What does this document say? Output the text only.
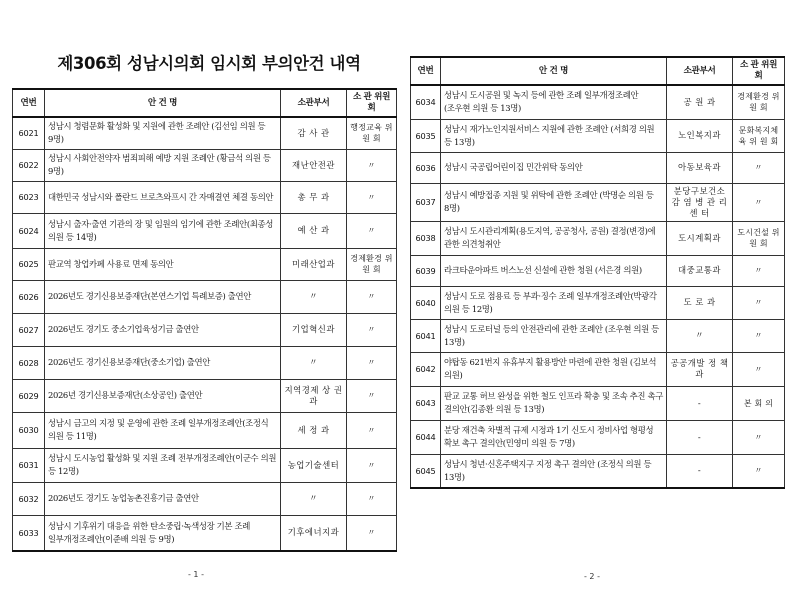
제306회 성남시의회 임시회 부의안건 내역
연번	안 건 명	소관부서	소 관 위원회
6021	성남시 청렴문화 활성화 및 지원에 관한 조례안 (김선임 의원 등 9명)	감 사 관	행정교육 위 원 회
6022	성남시 사회안전약자 범죄피해 예방 지원 조례안 (황금석 의원 등 9명)	재난안전관	〃
6023	대한민국 성남시와 폴란드 브로츠와프시 간 자매결연 체결 동의안	총 무 과	〃
6024	성남시 출자·출연 기관의 장 및 임원의 임기에 관한 조례안(최종성 의원 등 14명)	예 산 과	〃
6025	판교역 창업카페 사용료 면제 동의안	미래산업과	경제환경 위 원 회
6026	2026년도 경기신용보증재단(본연스기업 특례보증) 출연안	〃	〃
6027	2026년도 경기도 중소기업육성기금 출연안	기업혁신과	〃
6028	2026년도 경기신용보증재단(중소기업) 출연안	〃	〃
6029	2026년 경기신용보증재단(소상공인) 출연안	지역경제 상 권 과	〃
6030	성남시 금고의 지정 및 운영에 관한 조례 일부개정조례안(조정식 의원 등 11명)	세 정 과	〃
6031	성남시 도시농업 활성화 및 지원 조례 전부개정조례안(이군수 의원 등 12명)	농업기술센터	〃
6032	2026년도 경기도 농업농촌진흥기금 출연안	〃	〃
6033	성남시 기후위기 대응을 위한 탄소중립·녹색성장 기본 조례 일부개정조례안(이준배 의원 등 9명)	기후에너지과	〃
- 1 -
연번	안 건 명	소관부서	소 관 위원회
6034	성남시 도시공원 및 녹지 등에 관한 조례 일부개정조례안(조우현 의원 등 13명)	공 원 과	경제환경 위 원 회
6035	성남시 재가노인지원서비스 지원에 관한 조례안 (서희경 의원 등 13명)	노인복지과	문화복지체육 위 원 회
6036	성남시 국공립어린이집 민간위탁 동의안	아동보육과	〃
6037	성남시 예방접종 지원 및 위탁에 관한 조례안 (박명순 의원 등 8명)	분당구보건소 감 염 병 관 리 센 터	〃
6038	성남시 도시관리계획(용도지역, 공공청사, 공원) 결정(변경)에 관한 의견청취안	도시계획과	도시건설 위 원 회
6039	라크타운아파트 버스노선 신설에 관한 청원 (서은경 의원)	대중교통과	〃
6040	성남시 도로 점용료 등 부과·징수 조례 일부개정조례안(박광각 의원 등 12명)	도 로 과	〃
6041	성남시 도로터널 등의 안전관리에 관한 조례안 (조우현 의원 등 13명)	〃	〃
6042	야탑동 621번지 유휴부지 활용방안 마련에 관한 청원 (김보석 의원)	공공개발 정 책 과	〃
6043	판교 교통 허브 완성을 위한 철도 인프라 확충 및 조속 추진 촉구 결의안(김종환 의원 등 13명)	-	본 회 의
6044	분당 재건축 차별적 규제 시정과 1기 신도시 정비사업 형평성 확보 촉구 결의안(민영미 의원 등 7명)	-	〃
6045	성남시 청년·신혼주택지구 지정 촉구 결의안 (조정식 의원 등 13명)	-	〃
- 2 -
